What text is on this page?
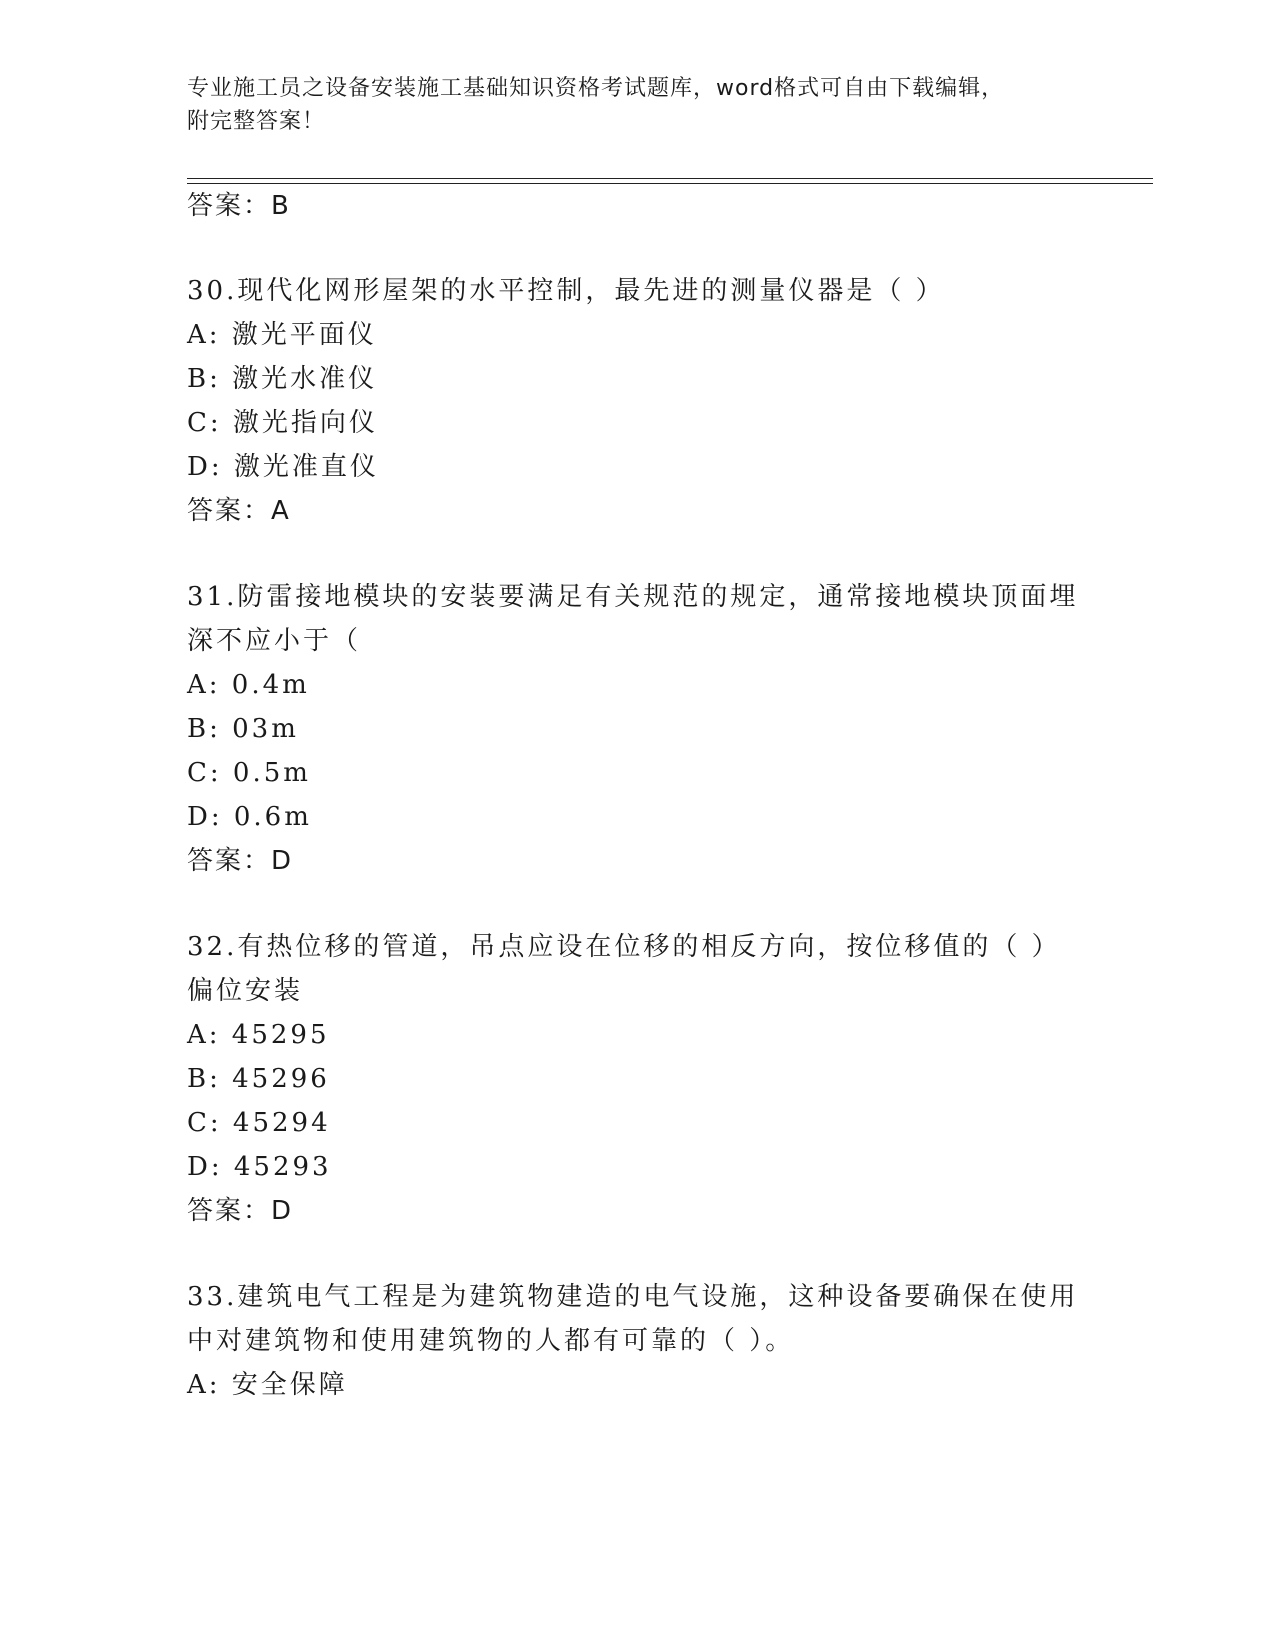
专业施工员之设备安装施工基础知识资格考试题库，word格式可自由下载编辑，
附完整答案！
答案：B
30.现代化网形屋架的水平控制，最先进的测量仪器是（ ）
A: 激光平面仪
B: 激光水准仪
C: 激光指向仪
D: 激光准直仪
答案：A
31.防雷接地模块的安装要满足有关规范的规定，通常接地模块顶面埋
深不应小于（
A: 0.4m
B: 03m
C: 0.5m
D: 0.6m
答案：D
32.有热位移的管道，吊点应设在位移的相反方向，按位移值的（ ）
偏位安装
A: 45295
B: 45296
C: 45294
D: 45293
答案：D
33.建筑电气工程是为建筑物建造的电气设施，这种设备要确保在使用
中对建筑物和使用建筑物的人都有可靠的（ ）。
A: 安全保障
